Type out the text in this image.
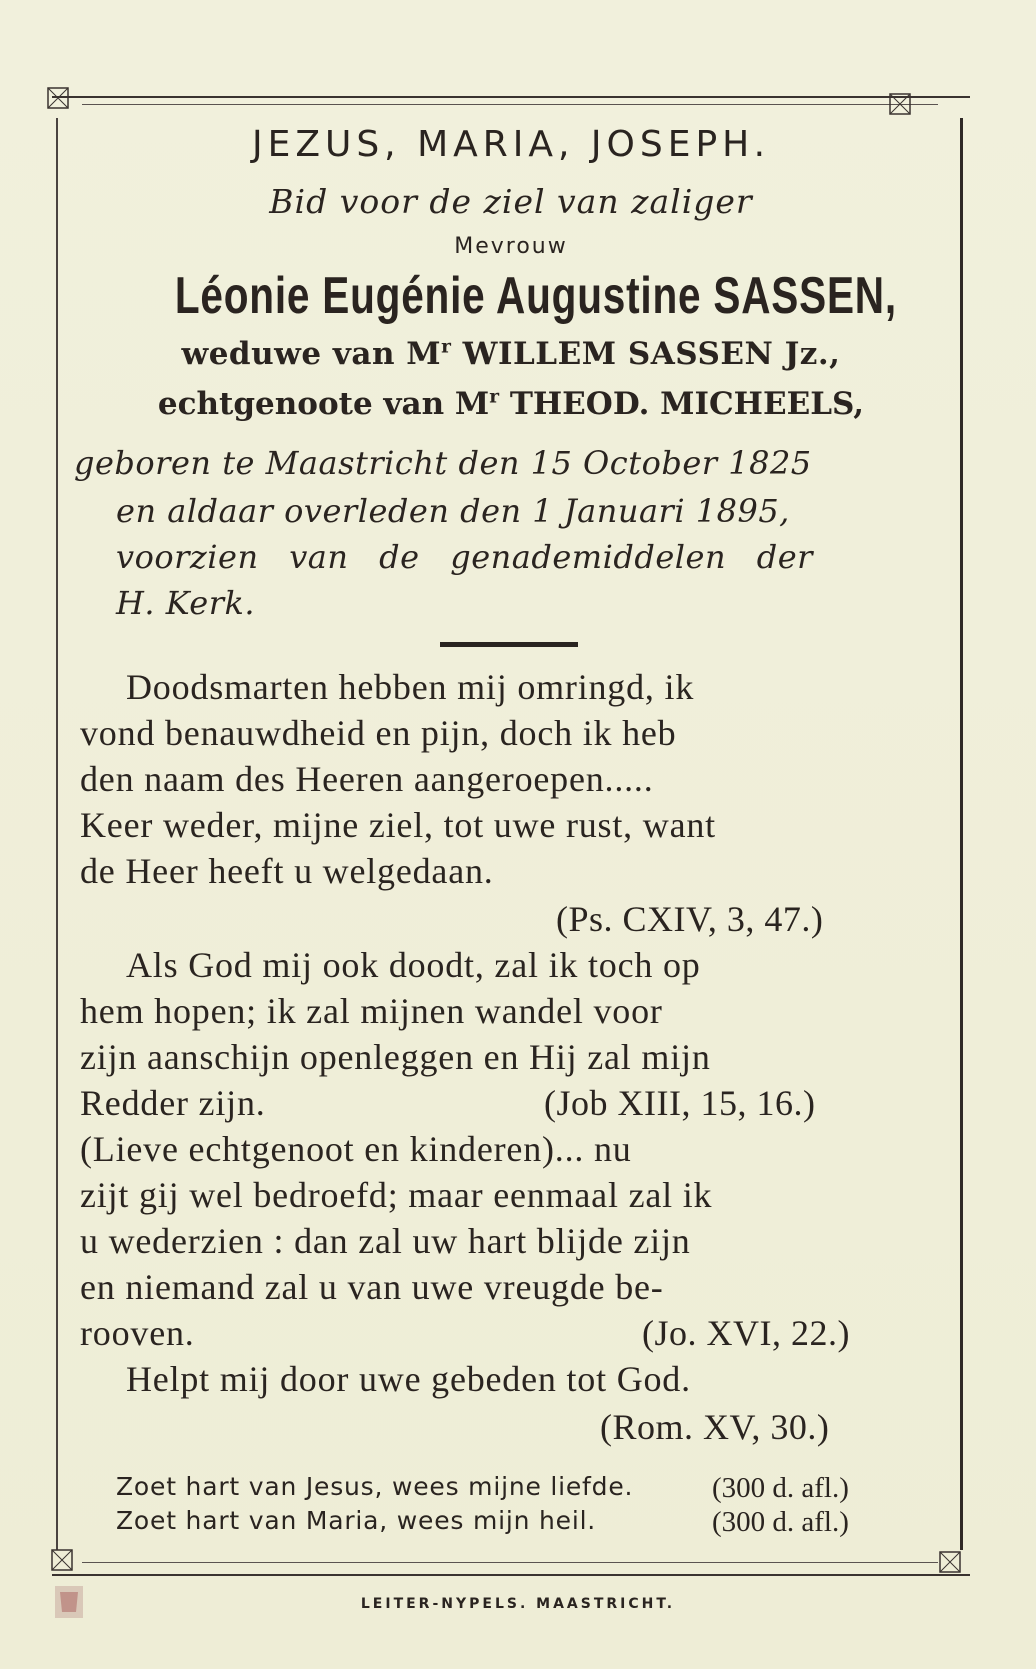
JEZUS, MARIA, JOSEPH.
Bid voor de ziel van zaliger
Mevrouw
Léonie Eugénie Augustine SASSEN,
weduwe van $M^r$ WILLEM SASSEN Jz.,
echtgenoote van $M^r$ THEOD. MICHEELS,
geboren te Maastricht den 15 October 1825
en aldaar overleden den 1 Januari 1895,
voorzien van de genademiddelen der
H. Kerk.
Doodsmarten hebben mij omringd, ik
vond benauwdheid en pijn, doch ik heb
den naam des Heeren aangeroepen.....
Keer weder, mijne ziel, tot uwe rust, want
de Heer heeft u welgedaan.
(Ps. CXIV, 3, 47.)
Als God mij ook doodt, zal ik toch op
hem hopen; ik zal mijnen wandel voor
zijn aanschijn openleggen en Hij zal mijn
Redder zijn.	(Job XIII, 15, 16.)
(Lieve echtgenoot en kinderen)... nu
zijt gij wel bedroefd; maar eenmaal zal ik
u wederzien : dan zal uw hart blijde zijn
en niemand zal u van uwe vreugde be-
rooven.	(Jo. XVI, 22.)
Helpt mij door uwe gebeden tot God.
(Rom. XV, 30.)
Zoet hart van Jesus, wees mijne liefde.	(300 d. afl.)
Zoet hart van Maria, wees mijn heil.	(300 d. afl.)
LEITER-NYPELS. MAASTRICHT.
